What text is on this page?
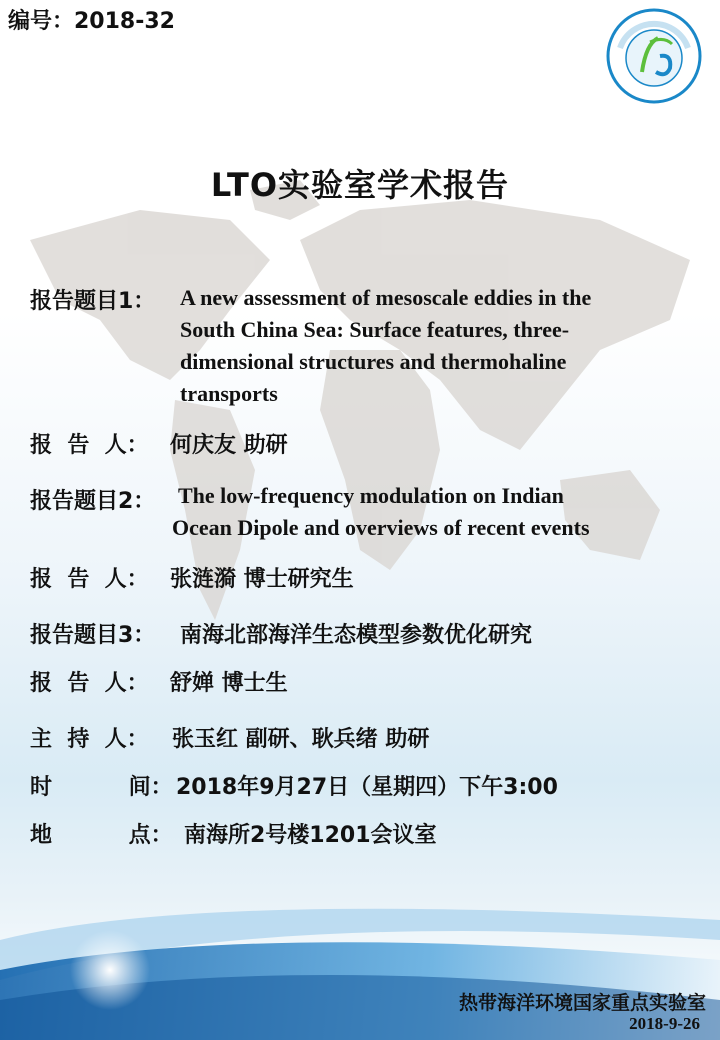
编号：2018-32
LTO实验室学术报告
报告题目1： A new assessment of mesoscale eddies in the
South China Sea: Surface features, three-
dimensional structures and thermohaline
transports
报  告  人： 何庆友 助研
报告题目2： The low-frequency modulation on Indian
Ocean Dipole and overviews of recent events
报  告  人： 张涟漪 博士研究生
报告题目3： 南海北部海洋生态模型参数优化研究
报  告  人： 舒婵 博士生
主  持  人： 张玉红 副研、耿兵绪 助研
时          间： 2018年9月27日（星期四）下午3:00
地          点： 南海所2号楼1201会议室
热带海洋环境国家重点实验室
2018-9-26
